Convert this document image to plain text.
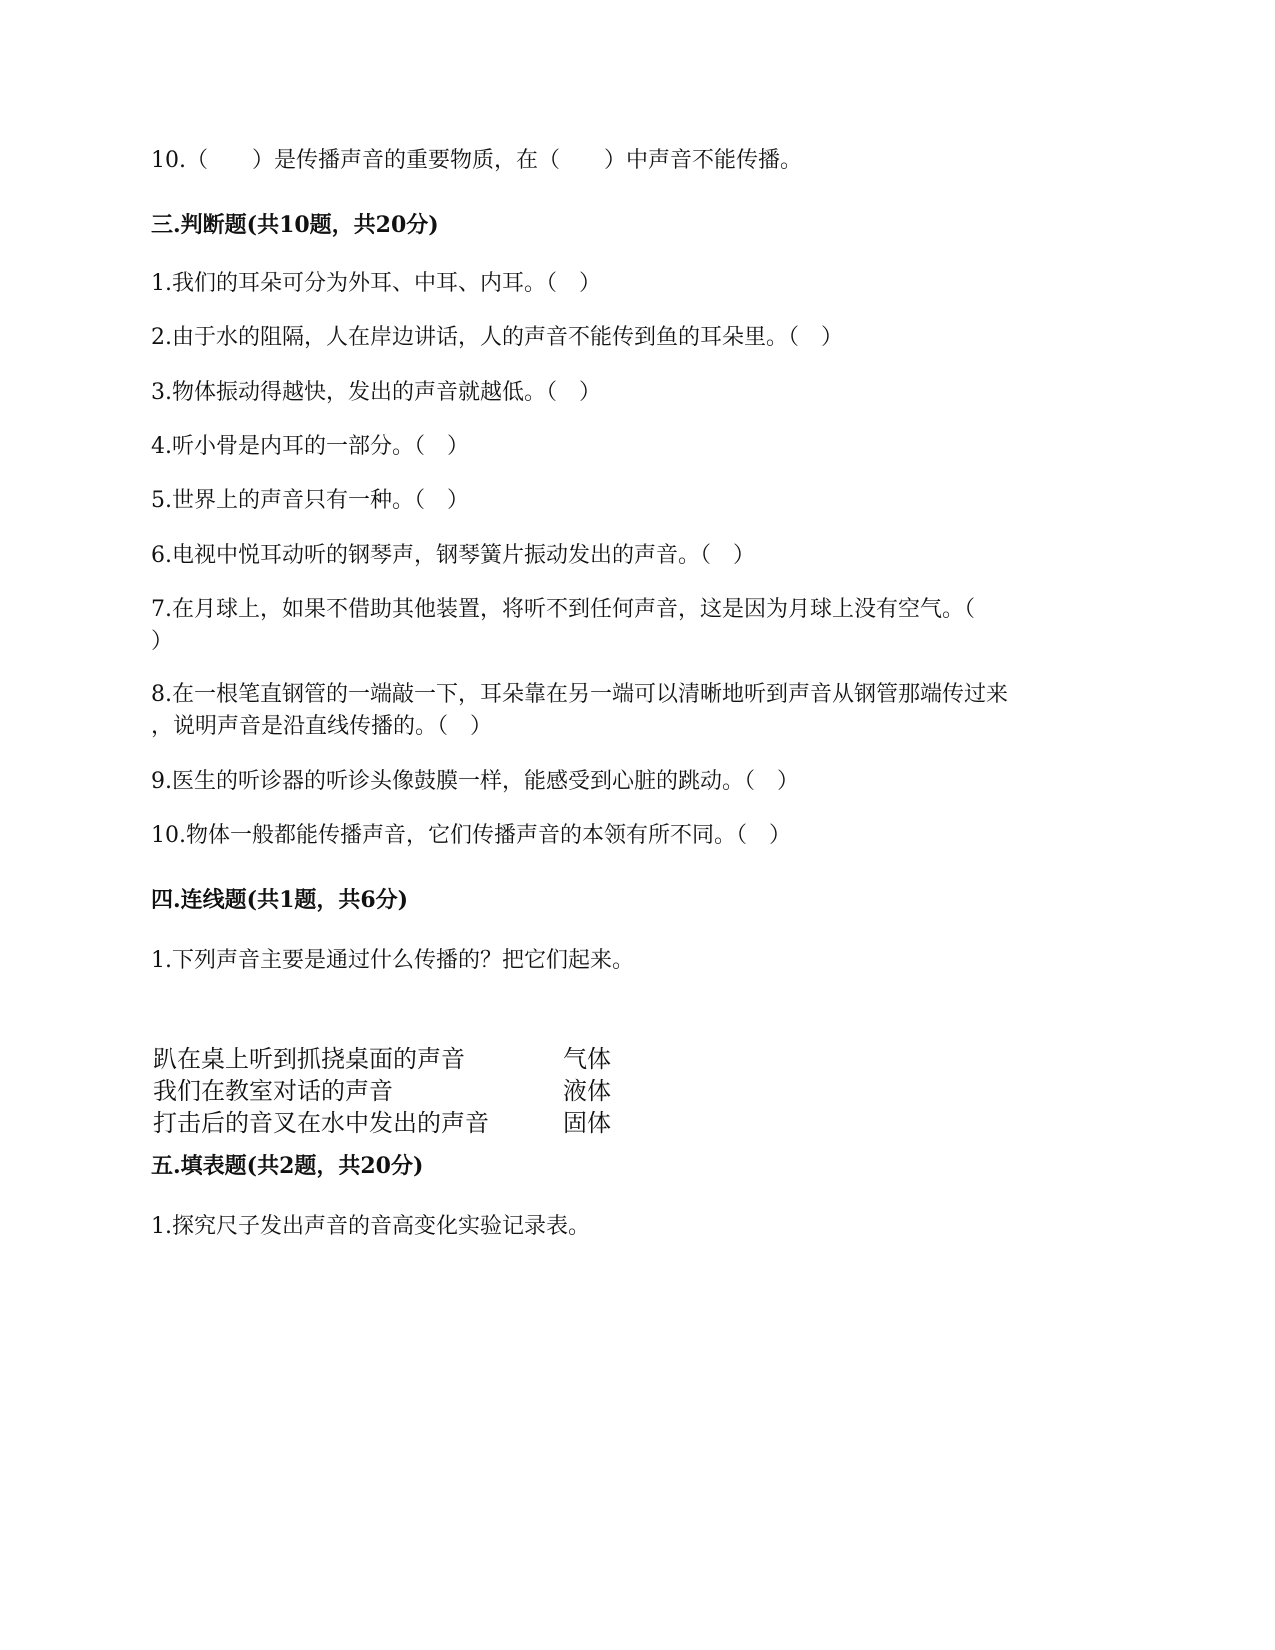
10.（　　）是传播声音的重要物质，在（　　）中声音不能传播。
三.判断题(共10题，共20分)
1.我们的耳朵可分为外耳、中耳、内耳。（　）
2.由于水的阻隔，人在岸边讲话，人的声音不能传到鱼的耳朵里。（　）
3.物体振动得越快，发出的声音就越低。（　）
4.听小骨是内耳的一部分。（　）
5.世界上的声音只有一种。（　）
6.电视中悦耳动听的钢琴声，钢琴簧片振动发出的声音。（　）
7.在月球上，如果不借助其他装置，将听不到任何声音，这是因为月球上没有空气。（
）
8.在一根笔直钢管的一端敲一下，耳朵靠在另一端可以清晰地听到声音从钢管那端传过来
，说明声音是沿直线传播的。（　）
9.医生的听诊器的听诊头像鼓膜一样，能感受到心脏的跳动。（　）
10.物体一般都能传播声音，它们传播声音的本领有所不同。（　）
四.连线题(共1题，共6分)
1.下列声音主要是通过什么传播的？把它们起来。
趴在桌上听到抓挠桌面的声音	气体
我们在教室对话的声音	液体
打击后的音叉在水中发出的声音	固体
五.填表题(共2题，共20分)
1.探究尺子发出声音的音高变化实验记录表。
